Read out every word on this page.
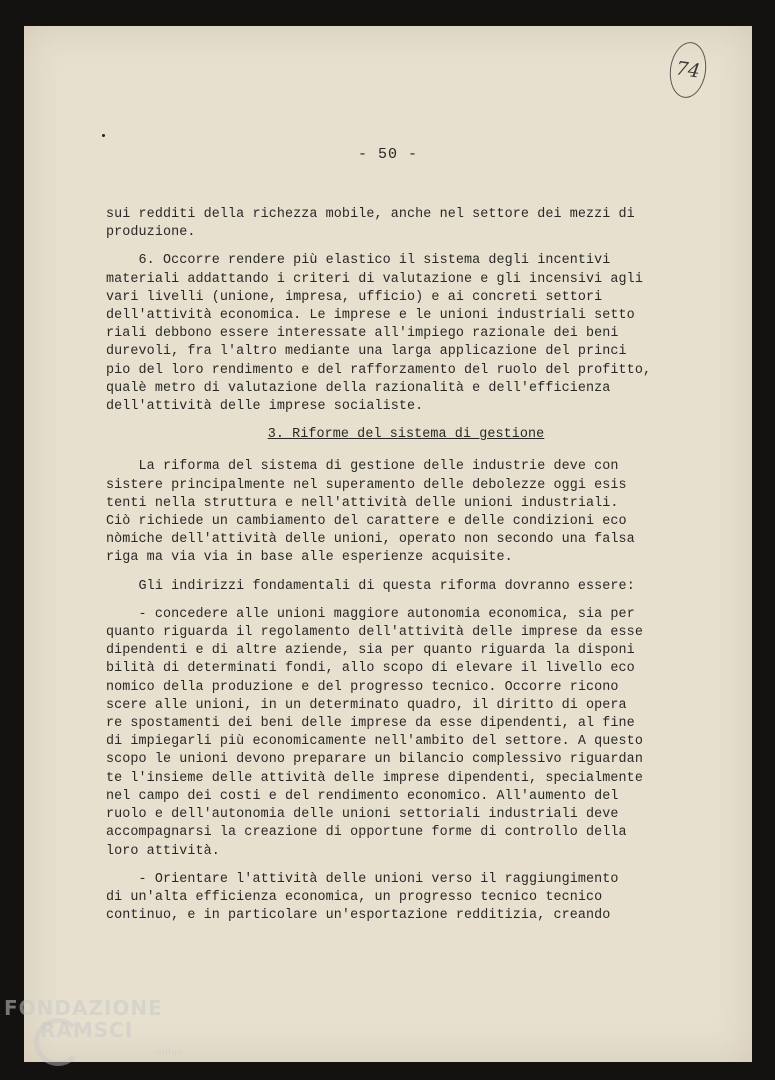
74
- 50 -

sui redditi della richezza mobile, anche nel settore dei mezzi di
produzione.

6. Occorre rendere più elastico il sistema degli incentivi
materiali addattando i criteri di valutazione e gli incensivi agli
vari livelli (unione, impresa, ufficio) e ai concreti settori
dell'attività economica. Le imprese e le unioni industriali setto
riali debbono essere interessate all'impiego razionale dei beni
durevoli, fra l'altro mediante una larga applicazione del princi
pio del loro rendimento e del rafforzamento del ruolo del profitto,
qualè metro di valutazione della razionalità e dell'efficienza
dell'attività delle imprese socialiste.

3. Riforme del sistema di gestione

La riforma del sistema di gestione delle industrie deve con
sistere principalmente nel superamento delle debolezze oggi esis
tenti nella struttura e nell'attività delle unioni industriali.
Ciò richiede un cambiamento del carattere e delle condizioni eco
nòmiche dell'attività delle unioni, operato non secondo una falsa
riga ma via via in base alle esperienze acquisite.

Gli indirizzi fondamentali di questa riforma dovranno essere:

- concedere alle unioni maggiore autonomia economica, sia per
quanto riguarda il regolamento dell'attività delle imprese da esse
dipendenti e di altre aziende, sia per quanto riguarda la disponi
bilità di determinati fondi, allo scopo di elevare il livello eco
nomico della produzione e del progresso tecnico. Occorre ricono
scere alle unioni, in un determinato quadro, il diritto di opera
re spostamenti dei beni delle imprese da esse dipendenti, al fine
di impiegarli più economicamente nell'ambito del settore. A questo
scopo le unioni devono preparare un bilancio complessivo riguardan
te l'insieme delle attività delle imprese dipendenti, specialmente
nel campo dei costi e del rendimento economico. All'aumento del
ruolo e dell'autonomia delle unioni settoriali industriali deve
accompagnarsi la creazione di opportune forme di controllo della
loro attività.

- Orientare l'attività delle unioni verso il raggiungimento
di un'alta efficienza economica, un progresso tecnico tecnico
continuo, e in particolare un'esportazione redditizia, creando

FONDAZIONE
RAMSCI
onlus
